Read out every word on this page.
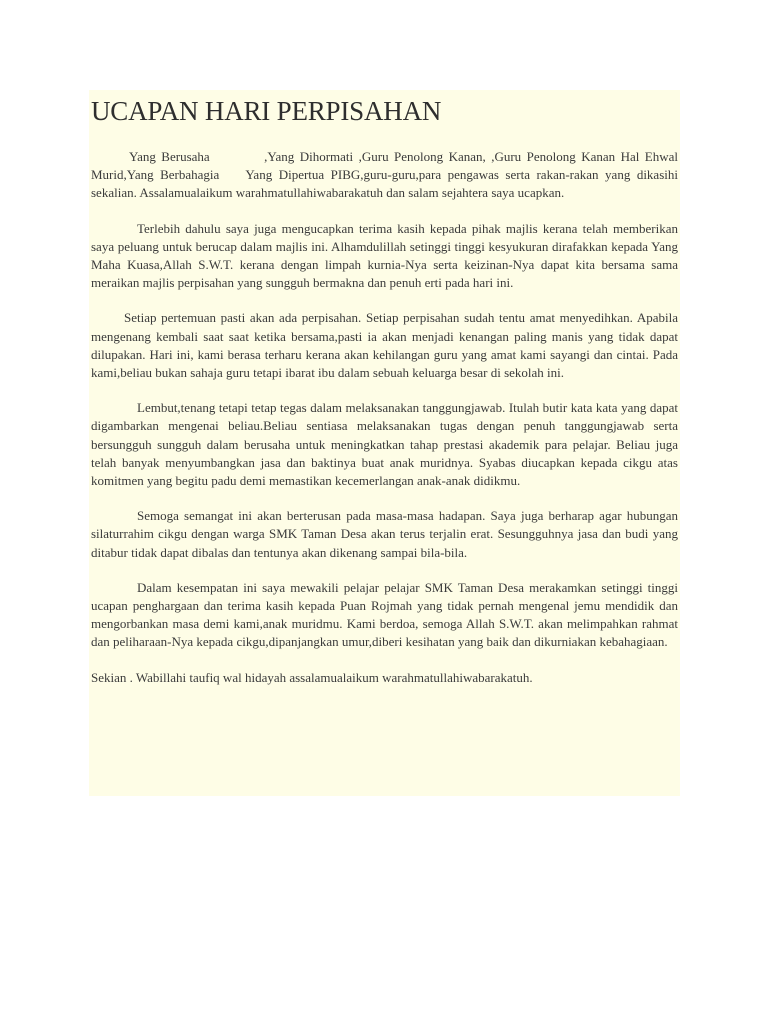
UCAPAN HARI PERPISAHAN

Yang Berusaha          ,Yang Dihormati ,Guru Penolong Kanan, ,Guru Penolong Kanan Hal Ehwal Murid,Yang Berbahagia    Yang Dipertua PIBG,guru-guru,para pengawas serta rakan-rakan yang dikasihi sekalian. Assalamualaikum warahmatullahiwabarakatuh dan salam sejahtera saya ucapkan.

Terlebih dahulu saya juga mengucapkan terima kasih kepada pihak majlis kerana telah memberikan saya peluang untuk berucap dalam majlis ini. Alhamdulillah setinggi tinggi kesyukuran dirafakkan kepada Yang Maha Kuasa,Allah S.W.T. kerana dengan limpah kurnia-Nya serta keizinan-Nya dapat kita bersama sama meraikan majlis perpisahan yang sungguh bermakna dan penuh erti pada hari ini.

Setiap pertemuan pasti akan ada perpisahan. Setiap perpisahan sudah tentu amat menyedihkan. Apabila mengenang kembali saat saat ketika bersama,pasti ia akan menjadi kenangan paling manis yang tidak dapat dilupakan. Hari ini, kami berasa terharu kerana akan kehilangan guru yang amat kami sayangi dan cintai. Pada kami,beliau bukan sahaja guru tetapi ibarat ibu dalam sebuah keluarga besar di sekolah ini.

Lembut,tenang tetapi tetap tegas dalam melaksanakan tanggungjawab. Itulah butir kata kata yang dapat digambarkan mengenai beliau.Beliau sentiasa melaksanakan tugas dengan penuh tanggungjawab serta bersungguh sungguh dalam berusaha untuk meningkatkan tahap prestasi akademik para pelajar. Beliau juga telah banyak menyumbangkan jasa dan baktinya buat anak muridnya. Syabas diucapkan kepada cikgu atas komitmen yang begitu padu demi memastikan kecemerlangan anak-anak didikmu.

Semoga semangat ini akan berterusan pada masa-masa hadapan. Saya juga berharap agar hubungan silaturrahim cikgu dengan warga SMK Taman Desa akan terus terjalin erat. Sesungguhnya jasa dan budi yang ditabur tidak dapat dibalas dan tentunya akan dikenang sampai bila-bila.

Dalam kesempatan ini saya mewakili pelajar pelajar SMK Taman Desa merakamkan setinggi tinggi ucapan penghargaan dan terima kasih kepada Puan Rojmah yang tidak pernah mengenal jemu mendidik dan mengorbankan masa demi kami,anak muridmu. Kami berdoa, semoga Allah S.W.T. akan melimpahkan rahmat dan peliharaan-Nya kepada cikgu,dipanjangkan umur,diberi kesihatan yang baik dan dikurniakan kebahagiaan.

Sekian . Wabillahi taufiq wal hidayah assalamualaikum warahmatullahiwabarakatuh.
